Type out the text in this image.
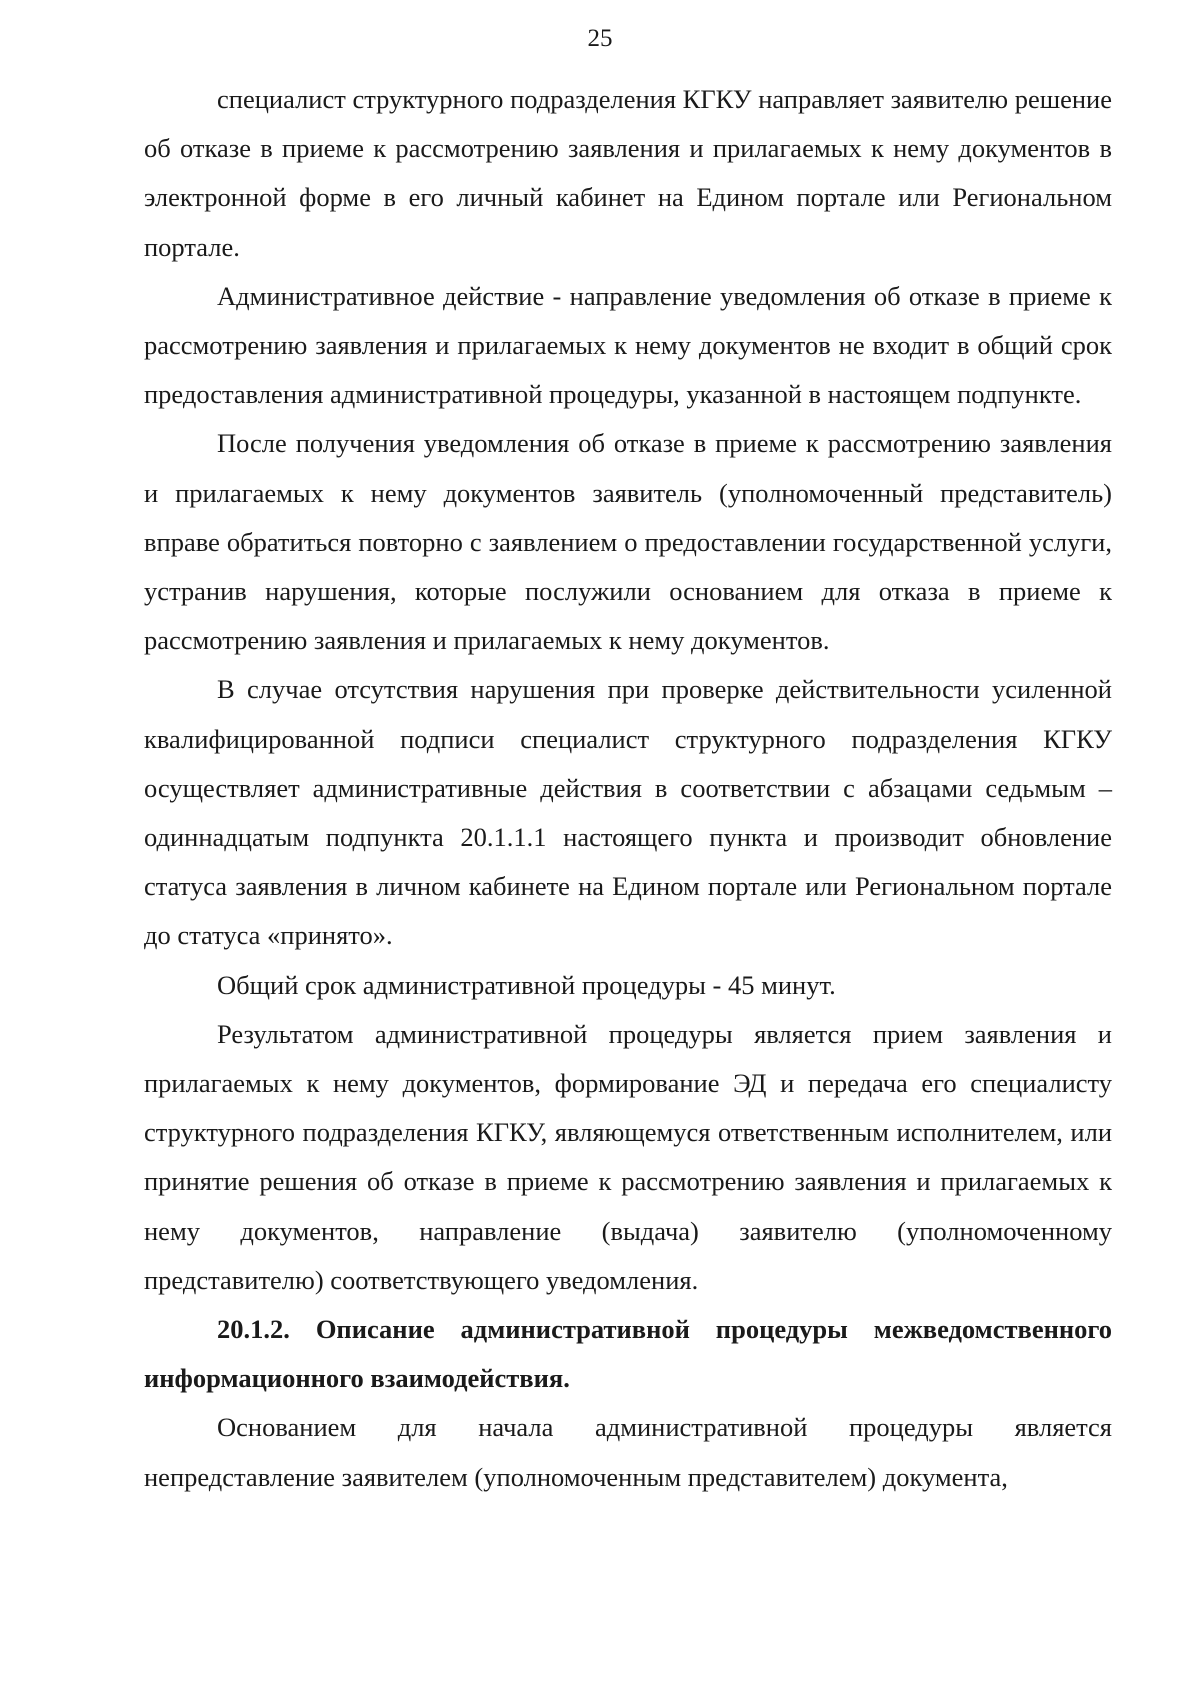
25

специалист структурного подразделения КГКУ направляет заявителю решение об отказе в приеме к рассмотрению заявления и прилагаемых к нему документов в электронной форме в его личный кабинет на Едином портале или Региональном портале.

Административное действие - направление уведомления об отказе в приеме к рассмотрению заявления и прилагаемых к нему документов не входит в общий срок предоставления административной процедуры, указанной в настоящем подпункте.

После получения уведомления об отказе в приеме к рассмотрению заявления и прилагаемых к нему документов заявитель (уполномоченный представитель) вправе обратиться повторно с заявлением о предоставлении государственной услуги, устранив нарушения, которые послужили основанием для отказа в приеме к рассмотрению заявления и прилагаемых к нему документов.

В случае отсутствия нарушения при проверке действительности усиленной квалифицированной подписи специалист структурного подразделения КГКУ осуществляет административные действия в соответствии с абзацами седьмым – одиннадцатым подпункта 20.1.1.1 настоящего пункта и производит обновление статуса заявления в личном кабинете на Едином портале или Региональном портале до статуса «принято».

Общий срок административной процедуры - 45 минут.

Результатом административной процедуры является прием заявления и прилагаемых к нему документов, формирование ЭД и передача его специалисту структурного подразделения КГКУ, являющемуся ответственным исполнителем, или принятие решения об отказе в приеме к рассмотрению заявления и прилагаемых к нему документов, направление (выдача) заявителю (уполномоченному представителю) соответствующего уведомления.

20.1.2. Описание административной процедуры межведомственного информационного взаимодействия.

Основанием для начала административной процедуры является непредставление заявителем (уполномоченным представителем) документа,
